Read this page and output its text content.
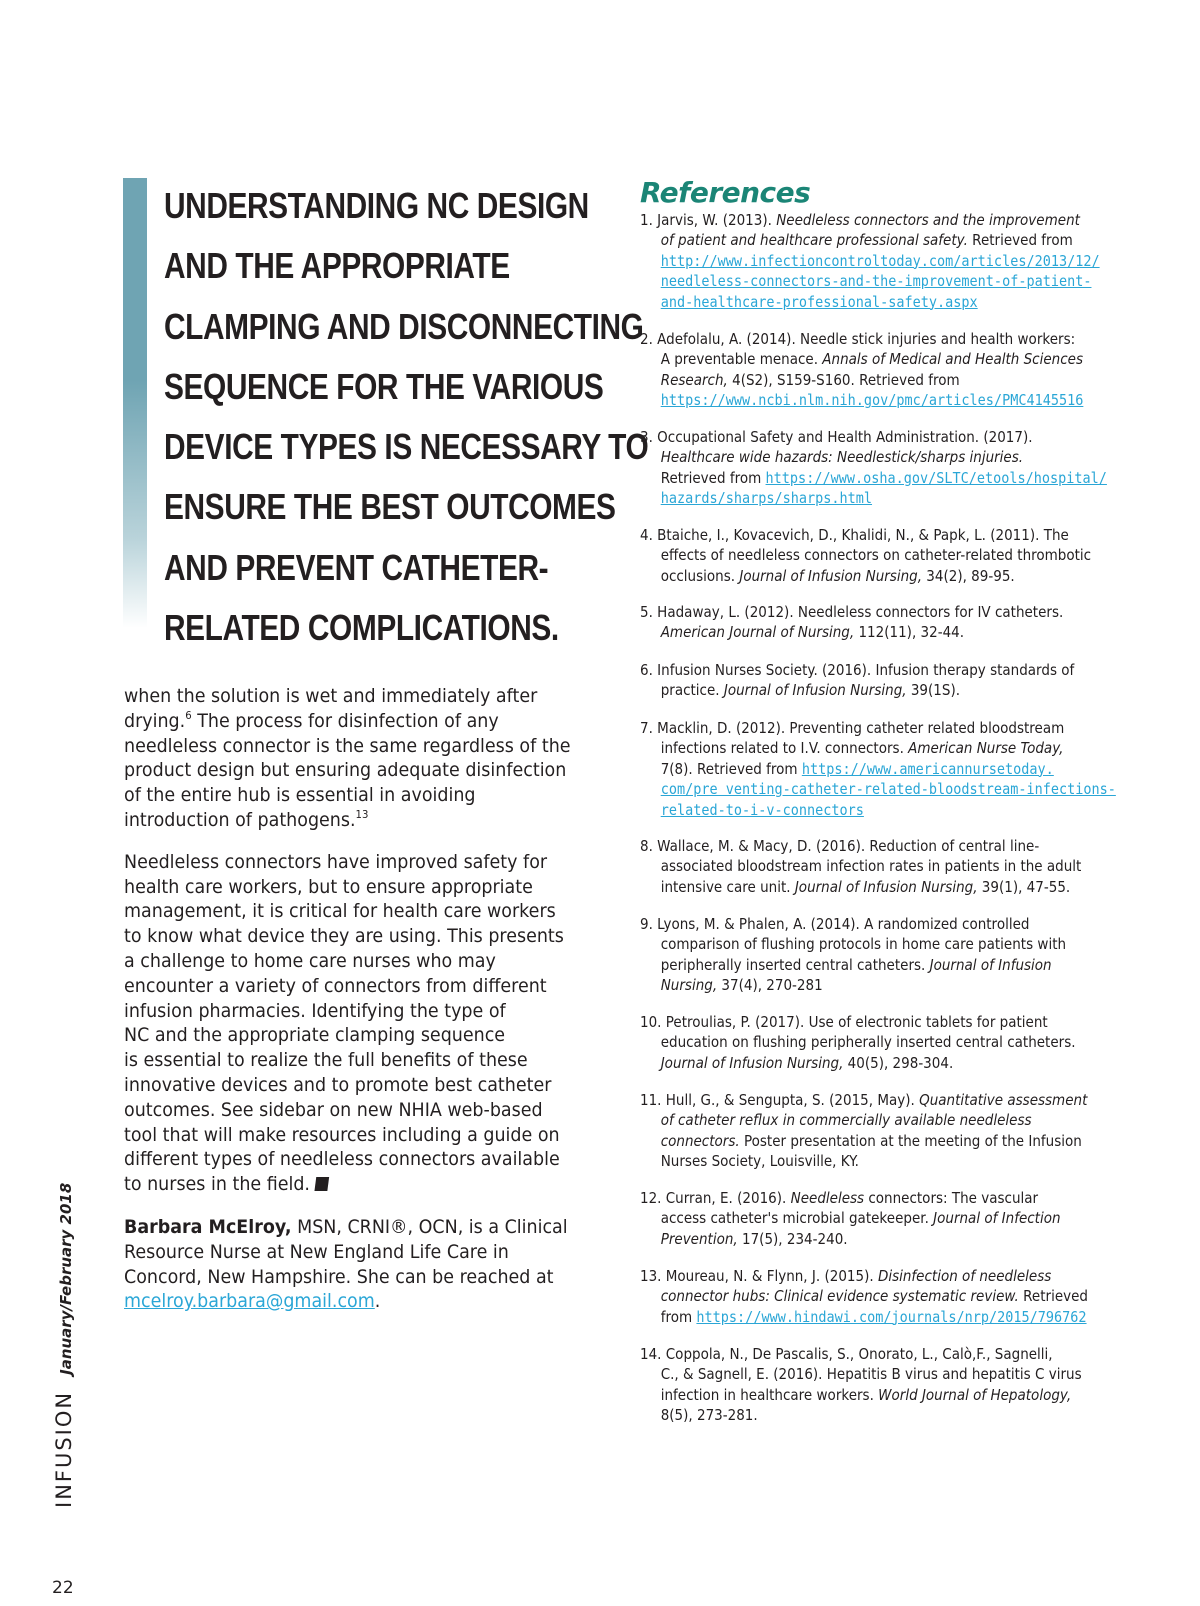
UNDERSTANDING NC DESIGN
AND THE APPROPRIATE
CLAMPING AND DISCONNECTING
SEQUENCE FOR THE VARIOUS
DEVICE TYPES IS NECESSARY TO
ENSURE THE BEST OUTCOMES
AND PREVENT CATHETER-
RELATED COMPLICATIONS.

when the solution is wet and immediately after
drying.$^6$ The process for disinfection of any
needleless connector is the same regardless of the
product design but ensuring adequate disinfection
of the entire hub is essential in avoiding
introduction of pathogens.$^{13}$

Needleless connectors have improved safety for
health care workers, but to ensure appropriate
management, it is critical for health care workers
to know what device they are using. This presents
a challenge to home care nurses who may
encounter a variety of connectors from different
infusion pharmacies. Identifying the type of
NC and the appropriate clamping sequence
is essential to realize the full benefits of these
innovative devices and to promote best catheter
outcomes. See sidebar on new NHIA web-based
tool that will make resources including a guide on
different types of needleless connectors available
to nurses in the field.

Barbara McElroy, MSN, CRNI®, OCN, is a Clinical
Resource Nurse at New England Life Care in
Concord, New Hampshire. She can be reached at
mcelroy.barbara@gmail.com.

References
1. Jarvis, W. (2013). Needleless connectors and the improvement
of patient and healthcare professional safety. Retrieved from
http://www.infectioncontroltoday.com/articles/2013/12/
needleless-connectors-and-the-improvement-of-patient-
and-healthcare-professional-safety.aspx
2. Adefolalu, A. (2014). Needle stick injuries and health workers:
A preventable menace. Annals of Medical and Health Sciences
Research, 4(S2), S159-S160. Retrieved from
https://www.ncbi.nlm.nih.gov/pmc/articles/PMC4145516
3. Occupational Safety and Health Administration. (2017).
Healthcare wide hazards: Needlestick/sharps injuries.
Retrieved from https://www.osha.gov/SLTC/etools/hospital/
hazards/sharps/sharps.html
4. Btaiche, I., Kovacevich, D., Khalidi, N., & Papk, L. (2011). The
effects of needleless connectors on catheter-related thrombotic
occlusions. Journal of Infusion Nursing, 34(2), 89-95.
5. Hadaway, L. (2012). Needleless connectors for IV catheters.
American Journal of Nursing, 112(11), 32-44.
6. Infusion Nurses Society. (2016). Infusion therapy standards of
practice. Journal of Infusion Nursing, 39(1S).
7. Macklin, D. (2012). Preventing catheter related bloodstream
infections related to I.V. connectors. American Nurse Today,
7(8). Retrieved from https://www.americannursetoday.
com/pre venting-catheter-related-bloodstream-infections-
related-to-i-v-connectors
8. Wallace, M. & Macy, D. (2016). Reduction of central line-
associated bloodstream infection rates in patients in the adult
intensive care unit. Journal of Infusion Nursing, 39(1), 47-55.
9. Lyons, M. & Phalen, A. (2014). A randomized controlled
comparison of flushing protocols in home care patients with
peripherally inserted central catheters. Journal of Infusion
Nursing, 37(4), 270-281
10. Petroulias, P. (2017). Use of electronic tablets for patient
education on flushing peripherally inserted central catheters.
Journal of Infusion Nursing, 40(5), 298-304.
11. Hull, G., & Sengupta, S. (2015, May). Quantitative assessment
of catheter reflux in commercially available needleless
connectors. Poster presentation at the meeting of the Infusion
Nurses Society, Louisville, KY.
12. Curran, E. (2016). Needleless connectors: The vascular
access catheter's microbial gatekeeper. Journal of Infection
Prevention, 17(5), 234-240.
13. Moureau, N. & Flynn, J. (2015). Disinfection of needleless
connector hubs: Clinical evidence systematic review. Retrieved
from https://www.hindawi.com/journals/nrp/2015/796762
14. Coppola, N., De Pascalis, S., Onorato, L., Calò,F., Sagnelli,
C., & Sagnell, E. (2016). Hepatitis B virus and hepatitis C virus
infection in healthcare workers. World Journal of Hepatology,
8(5), 273-281.
INFUSIONJanuary/February 2018
22
